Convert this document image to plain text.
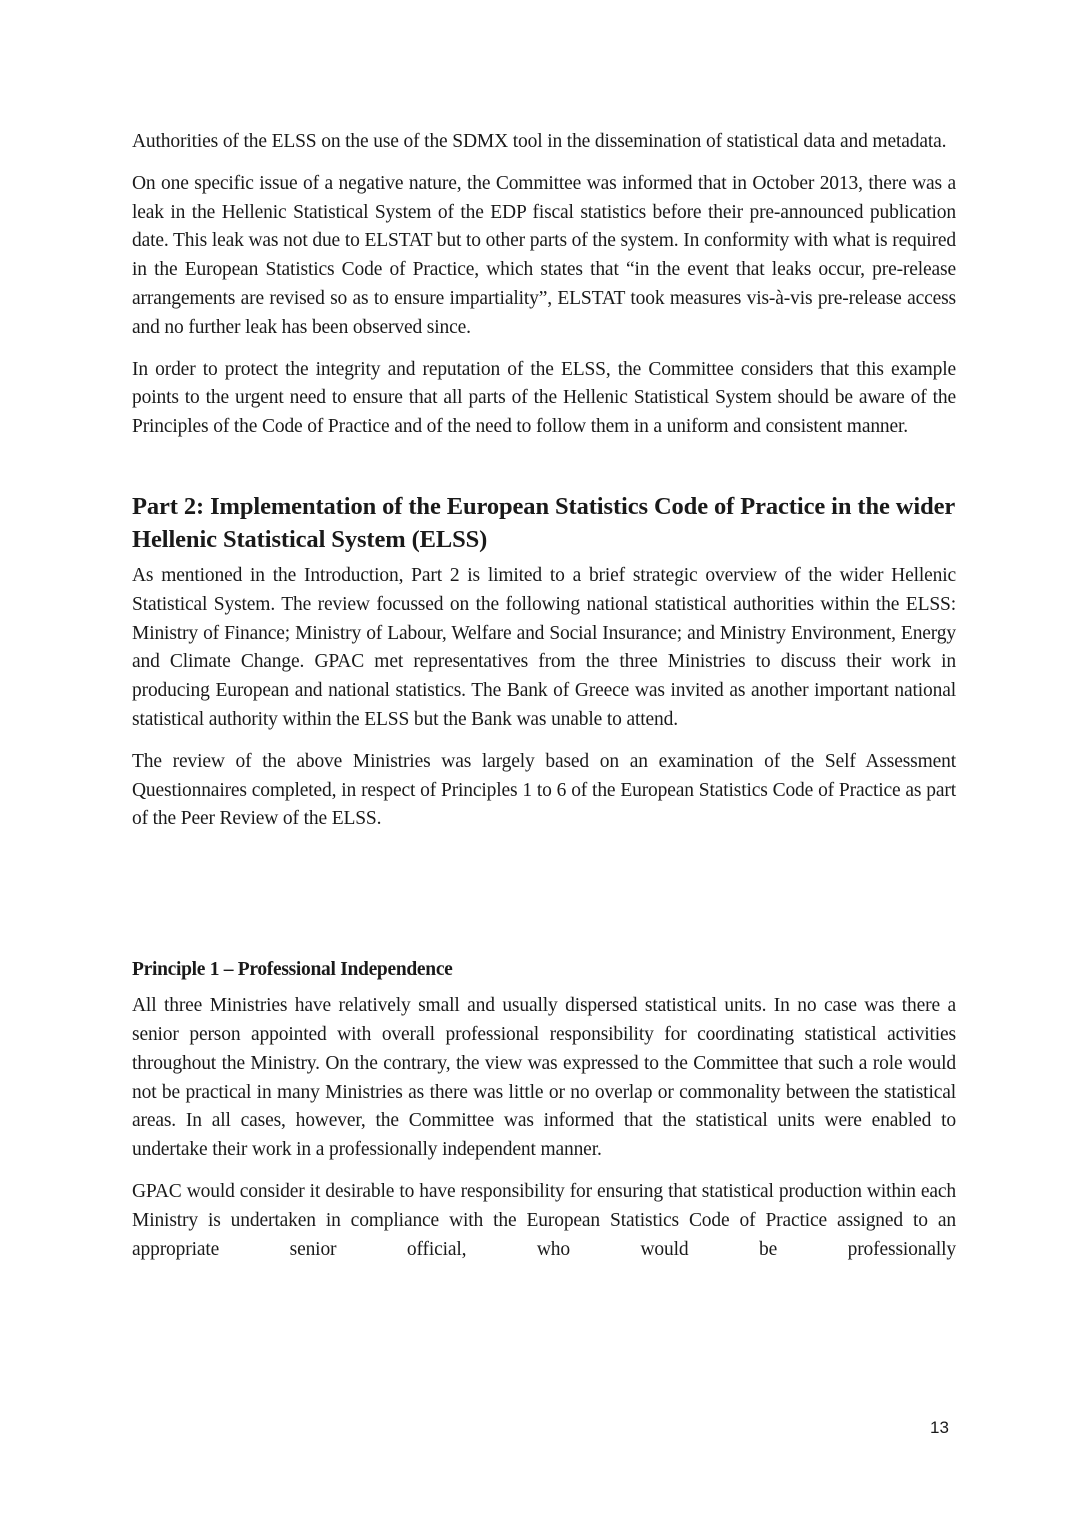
Authorities of the ELSS on the use of the SDMX tool in the dissemination of statistical data and metadata.

On one specific issue of a negative nature, the Committee was informed that in October 2013, there was a leak in the Hellenic Statistical System of the EDP fiscal statistics before their pre-announced publication date. This leak was not due to ELSTAT but to other parts of the system. In conformity with what is required in the European Statistics Code of Practice, which states that “in the event that leaks occur, pre-release arrangements are revised so as to ensure impartiality”, ELSTAT took measures vis-à-vis pre-release access and no further leak has been observed since.

In order to protect the integrity and reputation of the ELSS, the Committee considers that this example points to the urgent need to ensure that all parts of the Hellenic Statistical System should be aware of the Principles of the Code of Practice and of the need to follow them in a uniform and consistent manner.

Part 2: Implementation of the European Statistics Code of Practice in the wider Hellenic Statistical System (ELSS)

As mentioned in the Introduction, Part 2 is limited to a brief strategic overview of the wider Hellenic Statistical System. The review focussed on the following national statistical authorities within the ELSS: Ministry of Finance; Ministry of Labour, Welfare and Social Insurance; and Ministry Environment, Energy and Climate Change. GPAC met representatives from the three Ministries to discuss their work in producing European and national statistics. The Bank of Greece was invited as another important national statistical authority within the ELSS but the Bank was unable to attend.

The review of the above Ministries was largely based on an examination of the Self Assessment Questionnaires completed, in respect of Principles 1 to 6 of the European Statistics Code of Practice as part of the Peer Review of the ELSS.

Principle 1 – Professional Independence

All three Ministries have relatively small and usually dispersed statistical units. In no case was there a senior person appointed with overall professional responsibility for coordinating statistical activities throughout the Ministry. On the contrary, the view was expressed to the Committee that such a role would not be practical in many Ministries as there was little or no overlap or commonality between the statistical areas. In all cases, however, the Committee was informed that the statistical units were enabled to undertake their work in a professionally independent manner.

GPAC would consider it desirable to have responsibility for ensuring that statistical production within each Ministry is undertaken in compliance with the European Statistics Code of Practice assigned to an appropriate senior official, who would be professionally

13
